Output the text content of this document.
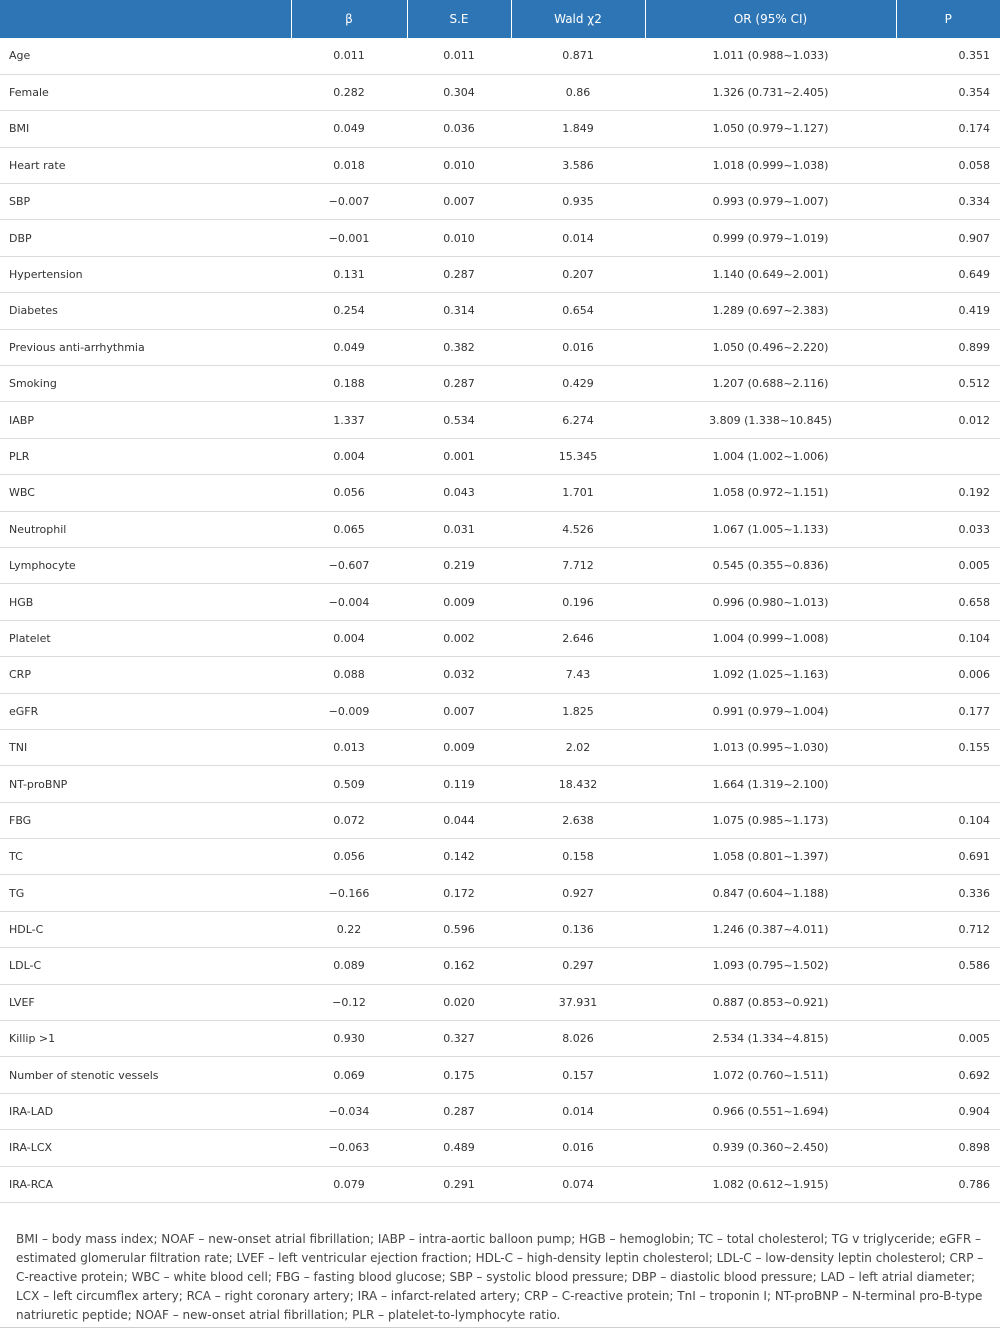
	β	S.E	Wald χ2	OR (95% CI)	P
Age	0.011	0.011	0.871	1.011 (0.988~1.033)	0.351
Female	0.282	0.304	0.86	1.326 (0.731~2.405)	0.354
BMI	0.049	0.036	1.849	1.050 (0.979~1.127)	0.174
Heart rate	0.018	0.010	3.586	1.018 (0.999~1.038)	0.058
SBP	−0.007	0.007	0.935	0.993 (0.979~1.007)	0.334
DBP	−0.001	0.010	0.014	0.999 (0.979~1.019)	0.907
Hypertension	0.131	0.287	0.207	1.140 (0.649~2.001)	0.649
Diabetes	0.254	0.314	0.654	1.289 (0.697~2.383)	0.419
Previous anti-arrhythmia	0.049	0.382	0.016	1.050 (0.496~2.220)	0.899
Smoking	0.188	0.287	0.429	1.207 (0.688~2.116)	0.512
IABP	1.337	0.534	6.274	3.809 (1.338~10.845)	0.012
PLR	0.004	0.001	15.345	1.004 (1.002~1.006)	
WBC	0.056	0.043	1.701	1.058 (0.972~1.151)	0.192
Neutrophil	0.065	0.031	4.526	1.067 (1.005~1.133)	0.033
Lymphocyte	−0.607	0.219	7.712	0.545 (0.355~0.836)	0.005
HGB	−0.004	0.009	0.196	0.996 (0.980~1.013)	0.658
Platelet	0.004	0.002	2.646	1.004 (0.999~1.008)	0.104
CRP	0.088	0.032	7.43	1.092 (1.025~1.163)	0.006
eGFR	−0.009	0.007	1.825	0.991 (0.979~1.004)	0.177
TNI	0.013	0.009	2.02	1.013 (0.995~1.030)	0.155
NT-proBNP	0.509	0.119	18.432	1.664 (1.319~2.100)	
FBG	0.072	0.044	2.638	1.075 (0.985~1.173)	0.104
TC	0.056	0.142	0.158	1.058 (0.801~1.397)	0.691
TG	−0.166	0.172	0.927	0.847 (0.604~1.188)	0.336
HDL-C	0.22	0.596	0.136	1.246 (0.387~4.011)	0.712
LDL-C	0.089	0.162	0.297	1.093 (0.795~1.502)	0.586
LVEF	−0.12	0.020	37.931	0.887 (0.853~0.921)	
Killip >1	0.930	0.327	8.026	2.534 (1.334~4.815)	0.005
Number of stenotic vessels	0.069	0.175	0.157	1.072 (0.760~1.511)	0.692
IRA-LAD	−0.034	0.287	0.014	0.966 (0.551~1.694)	0.904
IRA-LCX	−0.063	0.489	0.016	0.939 (0.360~2.450)	0.898
IRA-RCA	0.079	0.291	0.074	1.082 (0.612~1.915)	0.786

BMI – body mass index; NOAF – new-onset atrial fibrillation; IABP – intra-aortic balloon pump; HGB – hemoglobin; TC – total cholesterol; TG v triglyceride; eGFR – estimated glomerular filtration rate; LVEF – left ventricular ejection fraction; HDL-C – high-density leptin cholesterol; LDL-C – low-density leptin cholesterol; CRP – C-reactive protein; WBC – white blood cell; FBG – fasting blood glucose; SBP – systolic blood pressure; DBP – diastolic blood pressure; LAD – left atrial diameter; LCX – left circumflex artery; RCA – right coronary artery; IRA – infarct-related artery; CRP – C-reactive protein; TnI – troponin I; NT-proBNP – N-terminal pro-B-type natriuretic peptide; NOAF – new-onset atrial fibrillation; PLR – platelet-to-lymphocyte ratio.
